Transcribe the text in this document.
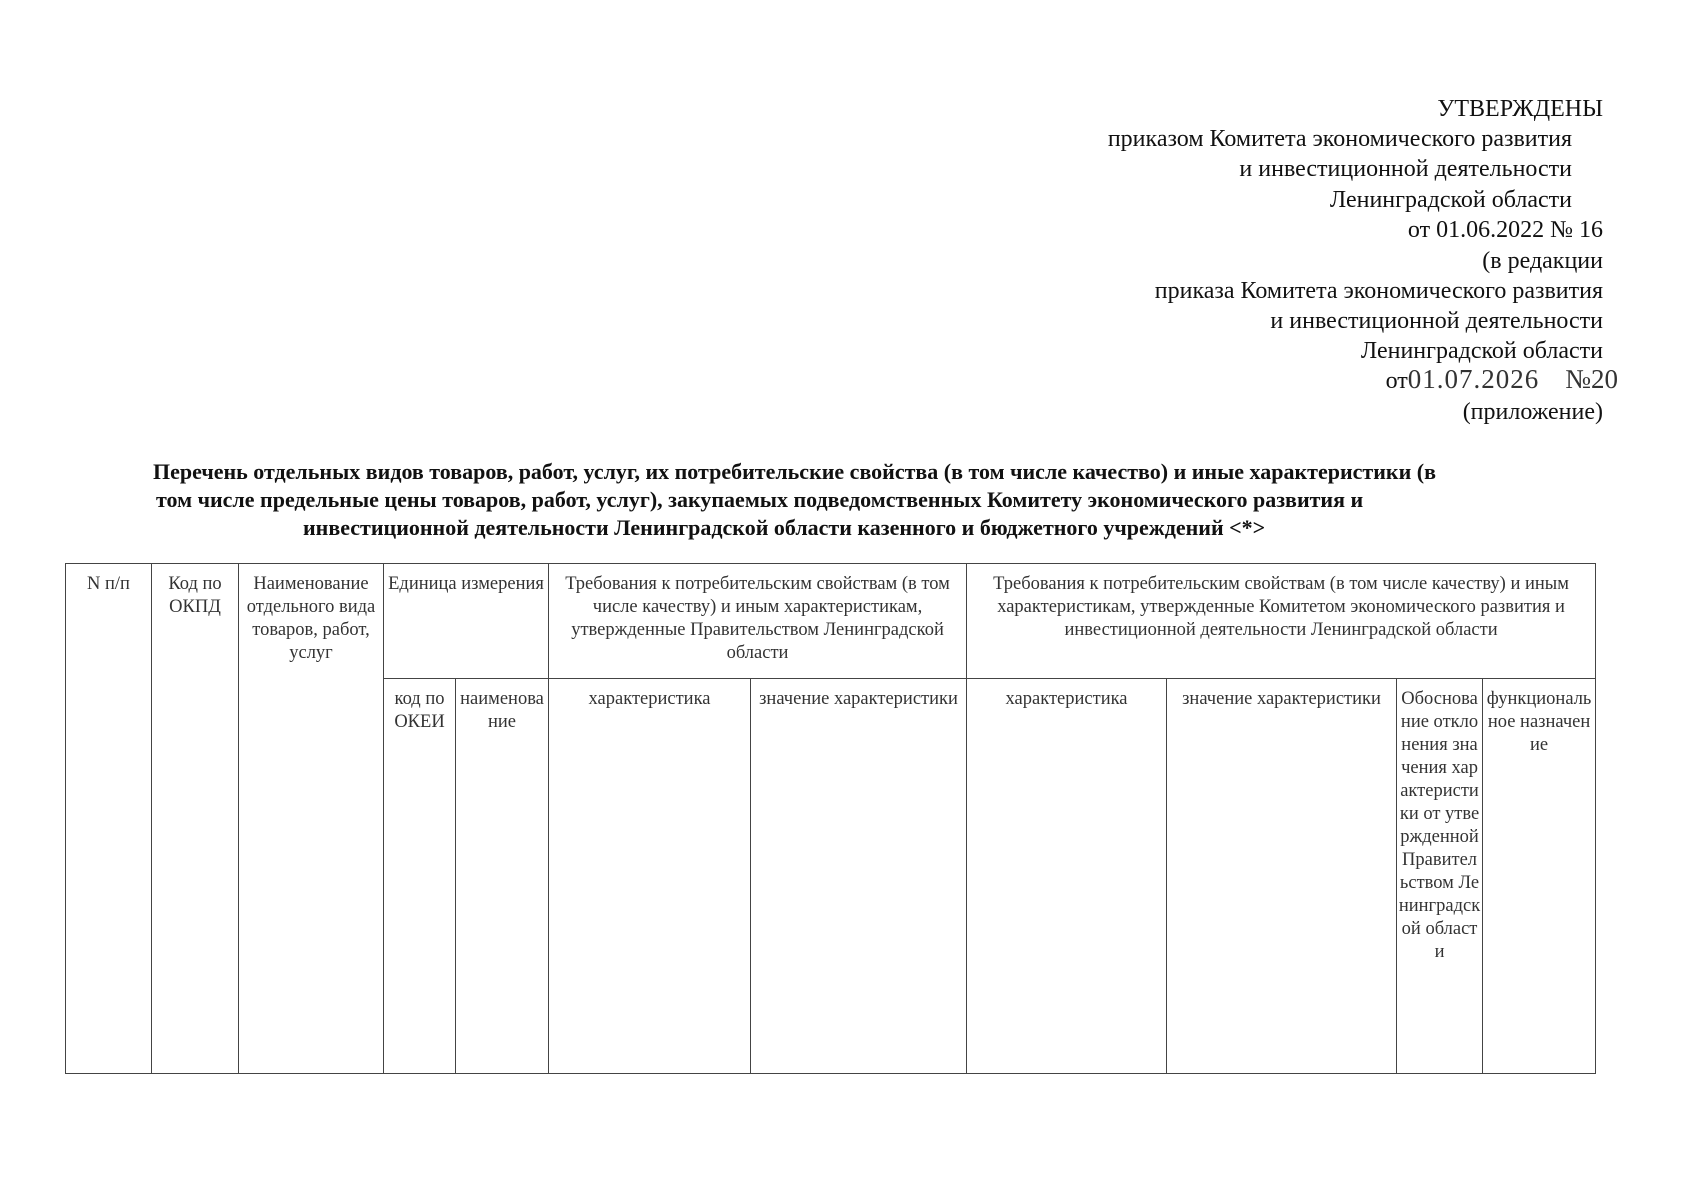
УТВЕРЖДЕНЫ
приказом Комитета экономического развития
и инвестиционной деятельности
Ленинградской области
от 01.06.2022 № 16
(в редакции
приказа Комитета экономического развития
и инвестиционной деятельности
Ленинградской области
от01.07.2026 №20
(приложение)
Перечень отдельных видов товаров, работ, услуг, их потребительские свойства (в том числе качество) и иные характеристики (в
том числе предельные цены товаров, работ, услуг), закупаемых подведомственных Комитету экономического развития и
инвестиционной деятельности Ленинградской области казенного и бюджетного учреждений <*>
N п/п	Код по ОКПД	Наименование отдельного вида товаров, работ, услуг	Единица измерения		Требования к потребительским свойствам (в том числе качеству) и иным характеристикам, утвержденные Правительством Ленинградской области		Требования к потребительским свойствам (в том числе качеству) и иным характеристикам, утвержденные Комитетом экономического развития и инвестиционной деятельности Ленинградской области			
			код по ОКЕИ	наименование	характеристика	значение характеристики	характеристика	значение характеристики	Обоснование отклонения значения характеристики от утвержденной Правительством Ленинградской области	функциональное назначение
